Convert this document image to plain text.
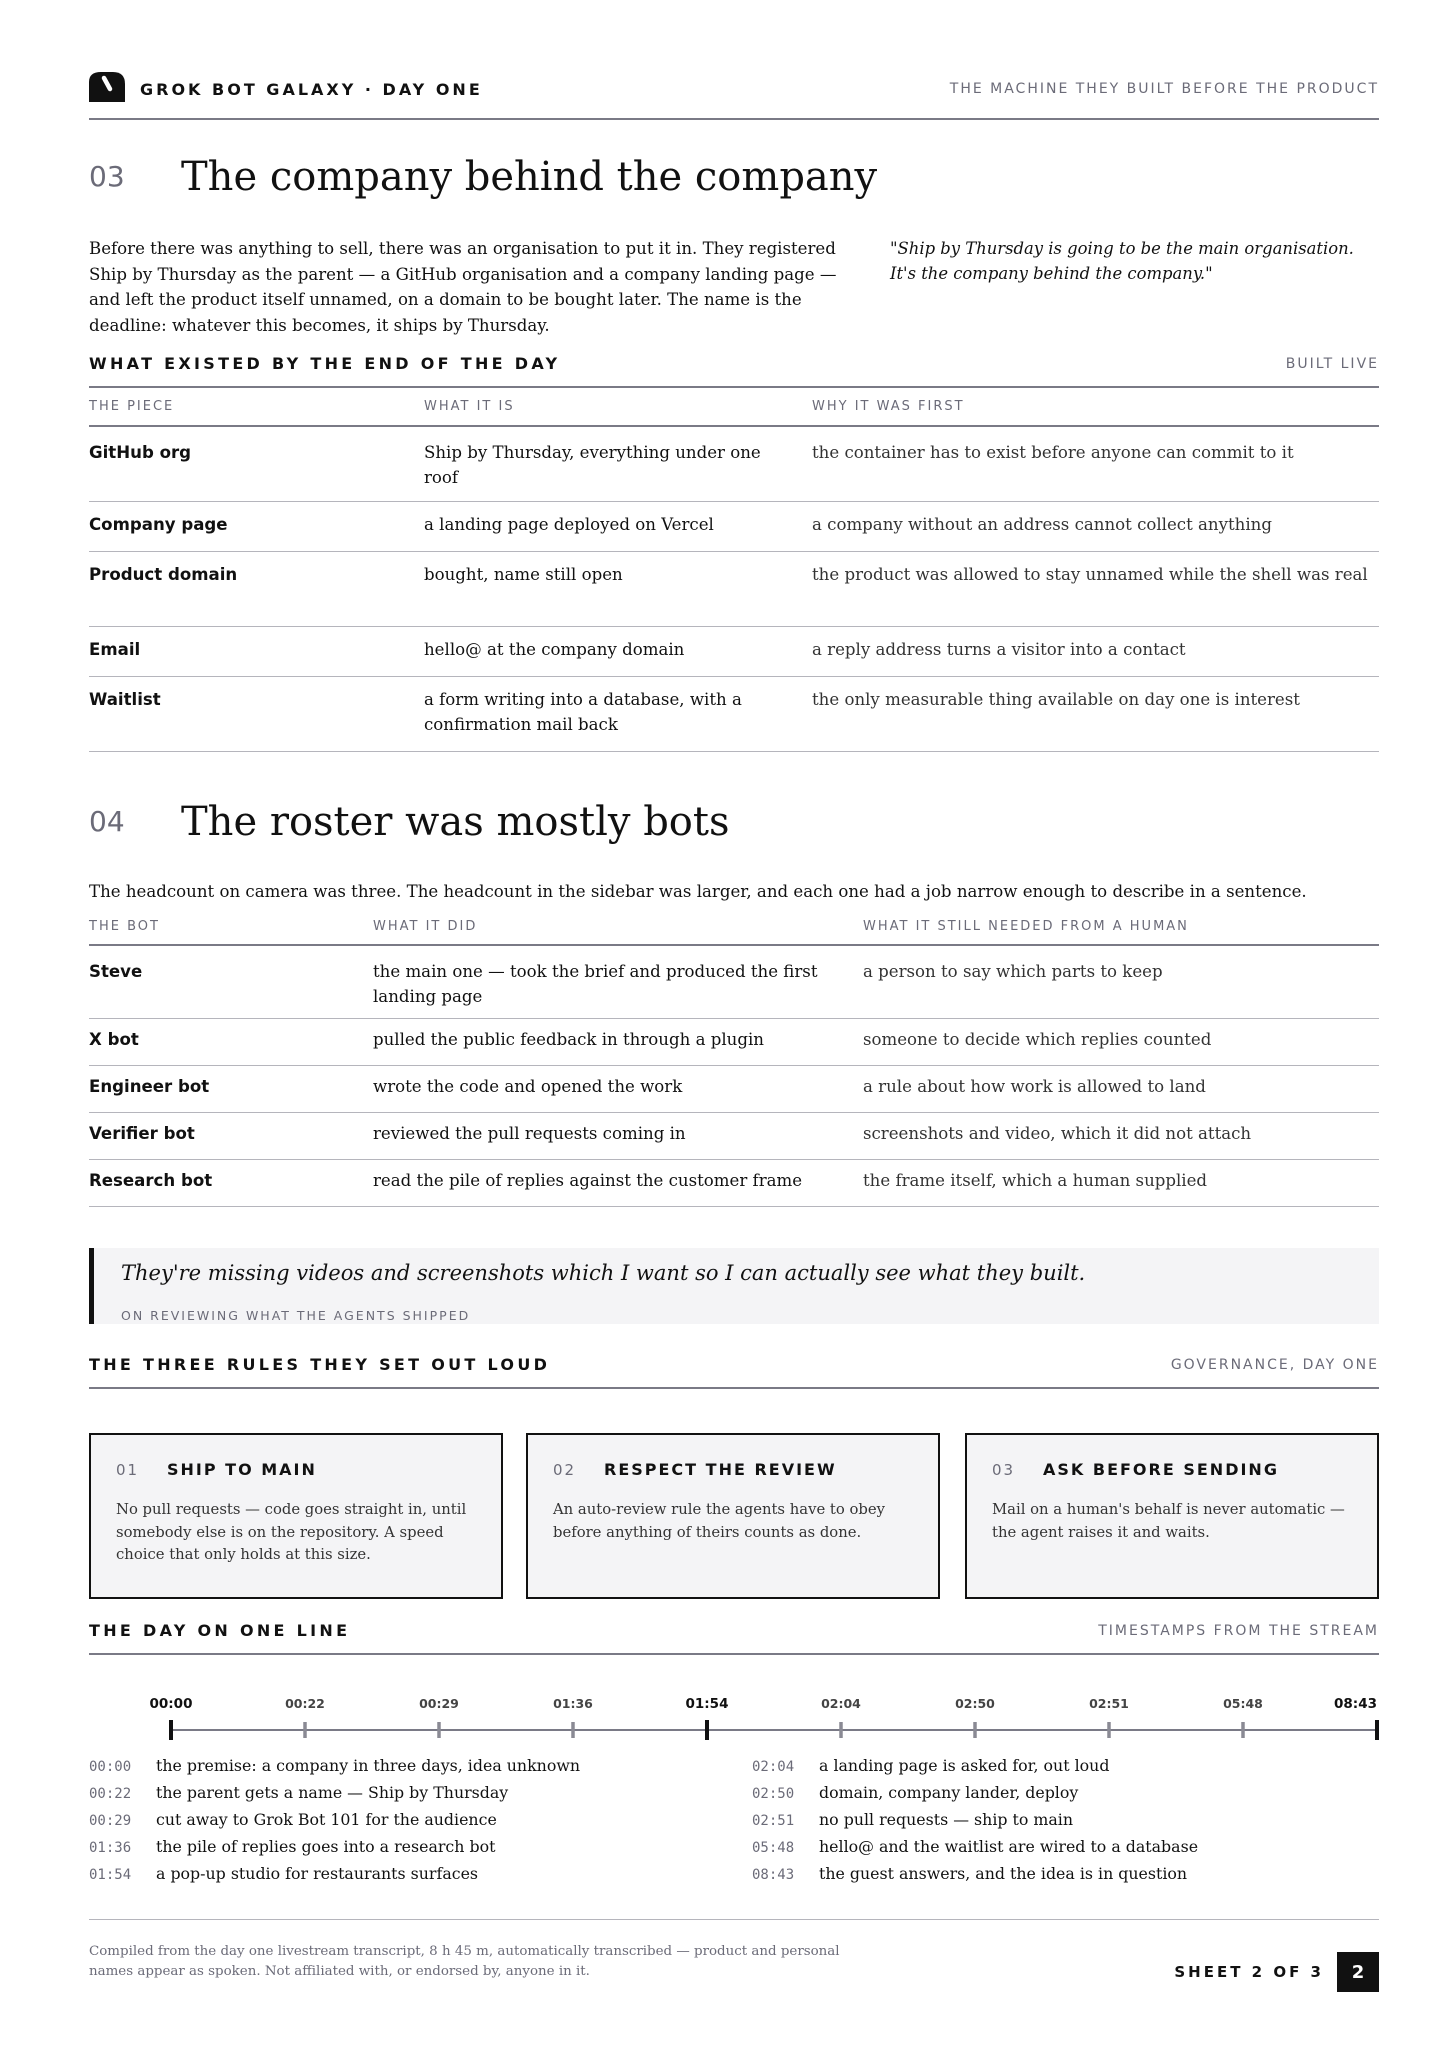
GROK BOT GALAXY · DAY ONE	THE MACHINE THEY BUILT BEFORE THE PRODUCT
03 The company behind the company

Before there was anything to sell, there was an organisation to put it in. They registered Ship by Thursday as the parent — a GitHub organisation and a company landing page — and left the product itself unnamed, on a domain to be bought later. The name is the deadline: whatever this becomes, it ships by Thursday.

"Ship by Thursday is going to be the main organisation. It's the company behind the company."

WHAT EXISTED BY THE END OF THE DAY	BUILT LIVE
THE PIECE	WHAT IT IS	WHY IT WAS FIRST
GitHub org	Ship by Thursday, everything under one roof	the container has to exist before anyone can commit to it
Company page	a landing page deployed on Vercel	a company without an address cannot collect anything
Product domain	bought, name still open	the product was allowed to stay unnamed while the shell was real
Email	hello@ at the company domain	a reply address turns a visitor into a contact
Waitlist	a form writing into a database, with a confirmation mail back	the only measurable thing available on day one is interest
04 The roster was mostly bots

The headcount on camera was three. The headcount in the sidebar was larger, and each one had a job narrow enough to describe in a sentence.

THE BOT	WHAT IT DID	WHAT IT STILL NEEDED FROM A HUMAN
Steve	the main one — took the brief and produced the first landing page	a person to say which parts to keep
X bot	pulled the public feedback in through a plugin	someone to decide which replies counted
Engineer bot	wrote the code and opened the work	a rule about how work is allowed to land
Verifier bot	reviewed the pull requests coming in	screenshots and video, which it did not attach
Research bot	read the pile of replies against the customer frame	the frame itself, which a human supplied
They're missing videos and screenshots which I want so I can actually see what they built.
ON REVIEWING WHAT THE AGENTS SHIPPED
THE THREE RULES THEY SET OUT LOUD	GOVERNANCE, DAY ONE
01 SHIP TO MAIN
No pull requests — code goes straight in, until somebody else is on the repository. A speed choice that only holds at this size.
02 RESPECT THE REVIEW
An auto-review rule the agents have to obey before anything of theirs counts as done.
03 ASK BEFORE SENDING
Mail on a human's behalf is never automatic — the agent raises it and waits.
THE DAY ON ONE LINE	TIMESTAMPS FROM THE STREAM
00:00	00:22	00:29	01:36	01:54	02:04	02:50	02:51	05:48	08:43
00:00 the premise: a company in three days, idea unknown
00:22 the parent gets a name — Ship by Thursday
00:29 cut away to Grok Bot 101 for the audience
01:36 the pile of replies goes into a research bot
01:54 a pop-up studio for restaurants surfaces
02:04 a landing page is asked for, out loud
02:50 domain, company lander, deploy
02:51 no pull requests — ship to main
05:48 hello@ and the waitlist are wired to a database
08:43 the guest answers, and the idea is in question
Compiled from the day one livestream transcript, 8 h 45 m, automatically transcribed — product and personal names appear as spoken. Not affiliated with, or endorsed by, anyone in it.	SHEET 2 OF 3	2
